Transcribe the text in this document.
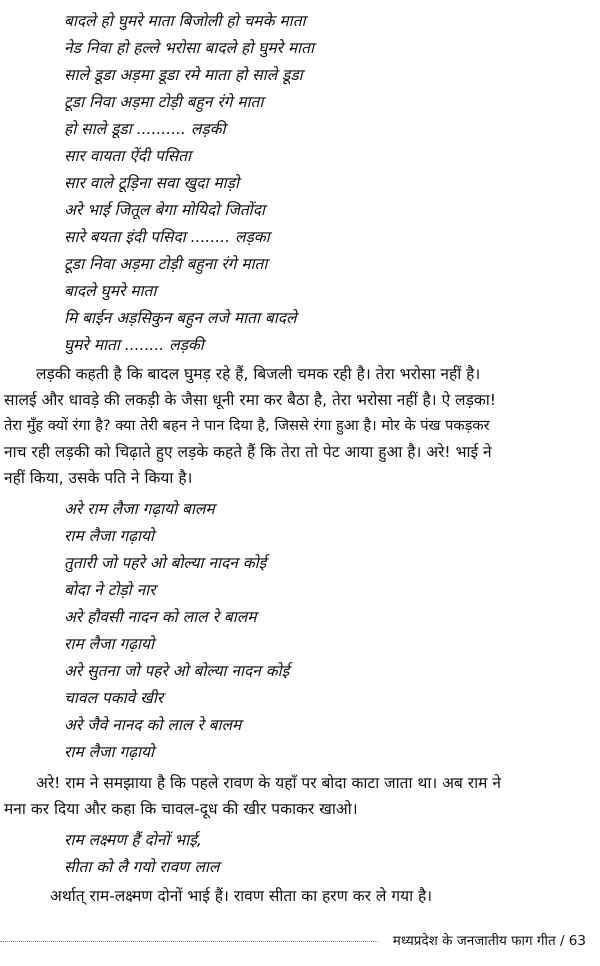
बादले हो घुमरे माता बिजोली हो चमके माता
नेड निवा हो हल्ले भरोसा बादले हो घुमरे माता
साले डूडा अड़मा डूडा रमे माता हो साले डूडा
टूडा निवा अड़मा टोड़ी बहुन रंगे माता
हो साले डूडा .......... लड़की
सार वायता ऐंदी पसिता
सार वाले टूड़िना सवा खुदा माड़ो
अरे भाई जितूल बेगा मोयिदो जितोंदा
सारे बयता इंदी पसिदा ........ लड़का
टूडा निवा अड़मा टोड़ी बहुना रंगे माता
बादले घुमरे माता
मि बाईन अड़सिकुन बहुन लजे माता बादले
घुमरे माता ........ लड़की
लड़की कहती है कि बादल घुमड़ रहे हैं, बिजली चमक रही है। तेरा भरोसा नहीं है।
सालई और धावड़े की लकड़ी के जैसा धूनी रमा कर बैठा है, तेरा भरोसा नहीं है। ऐ लड़का!
तेरा मुँह क्यों रंगा है? क्या तेरी बहन ने पान दिया है, जिससे रंगा हुआ है। मोर के पंख पकड़कर
नाच रही लड़की को चिढ़ाते हुए लड़के कहते हैं कि तेरा तो पेट आया हुआ है। अरे! भाई ने
नहीं किया, उसके पति ने किया है।
अरे राम लैजा गढ़ायो बालम
राम लैजा गढ़ायो
तुतारी जो पहरे ओ बोल्या नादन कोई
बोदा ने टोड़ो नार
अरे हौवसी नादन को लाल रे बालम
राम लैजा गढ़ायो
अरे सुतना जो पहरे ओ बोल्या नादन कोई
चावल पकावे खीर
अरे जैवे नानद को लाल रे बालम
राम लैजा गढ़ायो
अरे! राम ने समझाया है कि पहले रावण के यहाँ पर बोदा काटा जाता था। अब राम ने
मना कर दिया और कहा कि चावल-दूध की खीर पकाकर खाओ।
राम लक्ष्मण हैं दोनों भाई,
सीता को लै गयो रावण लाल
अर्थात् राम-लक्ष्मण दोनों भाई हैं। रावण सीता का हरण कर ले गया है।
मध्यप्रदेश के जनजातीय फाग गीत / 63
